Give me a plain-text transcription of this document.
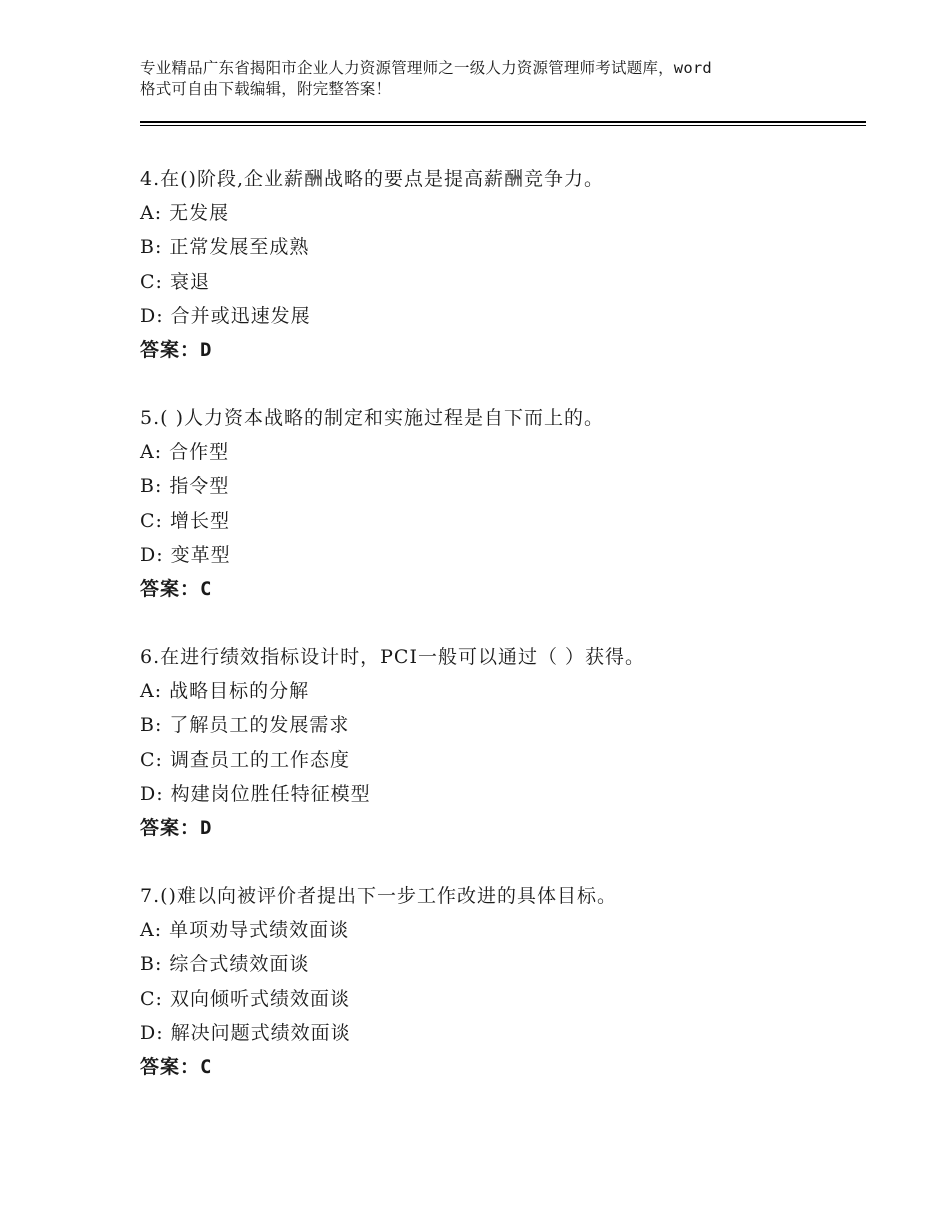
专业精品广东省揭阳市企业人力资源管理师之一级人力资源管理师考试题库，word
格式可自由下载编辑，附完整答案！
4.在()阶段,企业薪酬战略的要点是提高薪酬竞争力。
A: 无发展
B: 正常发展至成熟
C: 衰退
D: 合并或迅速发展
答案：D
5.( )人力资本战略的制定和实施过程是自下而上的。
A: 合作型
B: 指令型
C: 增长型
D: 变革型
答案：C
6.在进行绩效指标设计时，PCI一般可以通过（ ）获得。
A: 战略目标的分解
B: 了解员工的发展需求
C: 调查员工的工作态度
D: 构建岗位胜任特征模型
答案：D
7.()难以向被评价者提出下一步工作改进的具体目标。
A: 单项劝导式绩效面谈
B: 综合式绩效面谈
C: 双向倾听式绩效面谈
D: 解决问题式绩效面谈
答案：C
